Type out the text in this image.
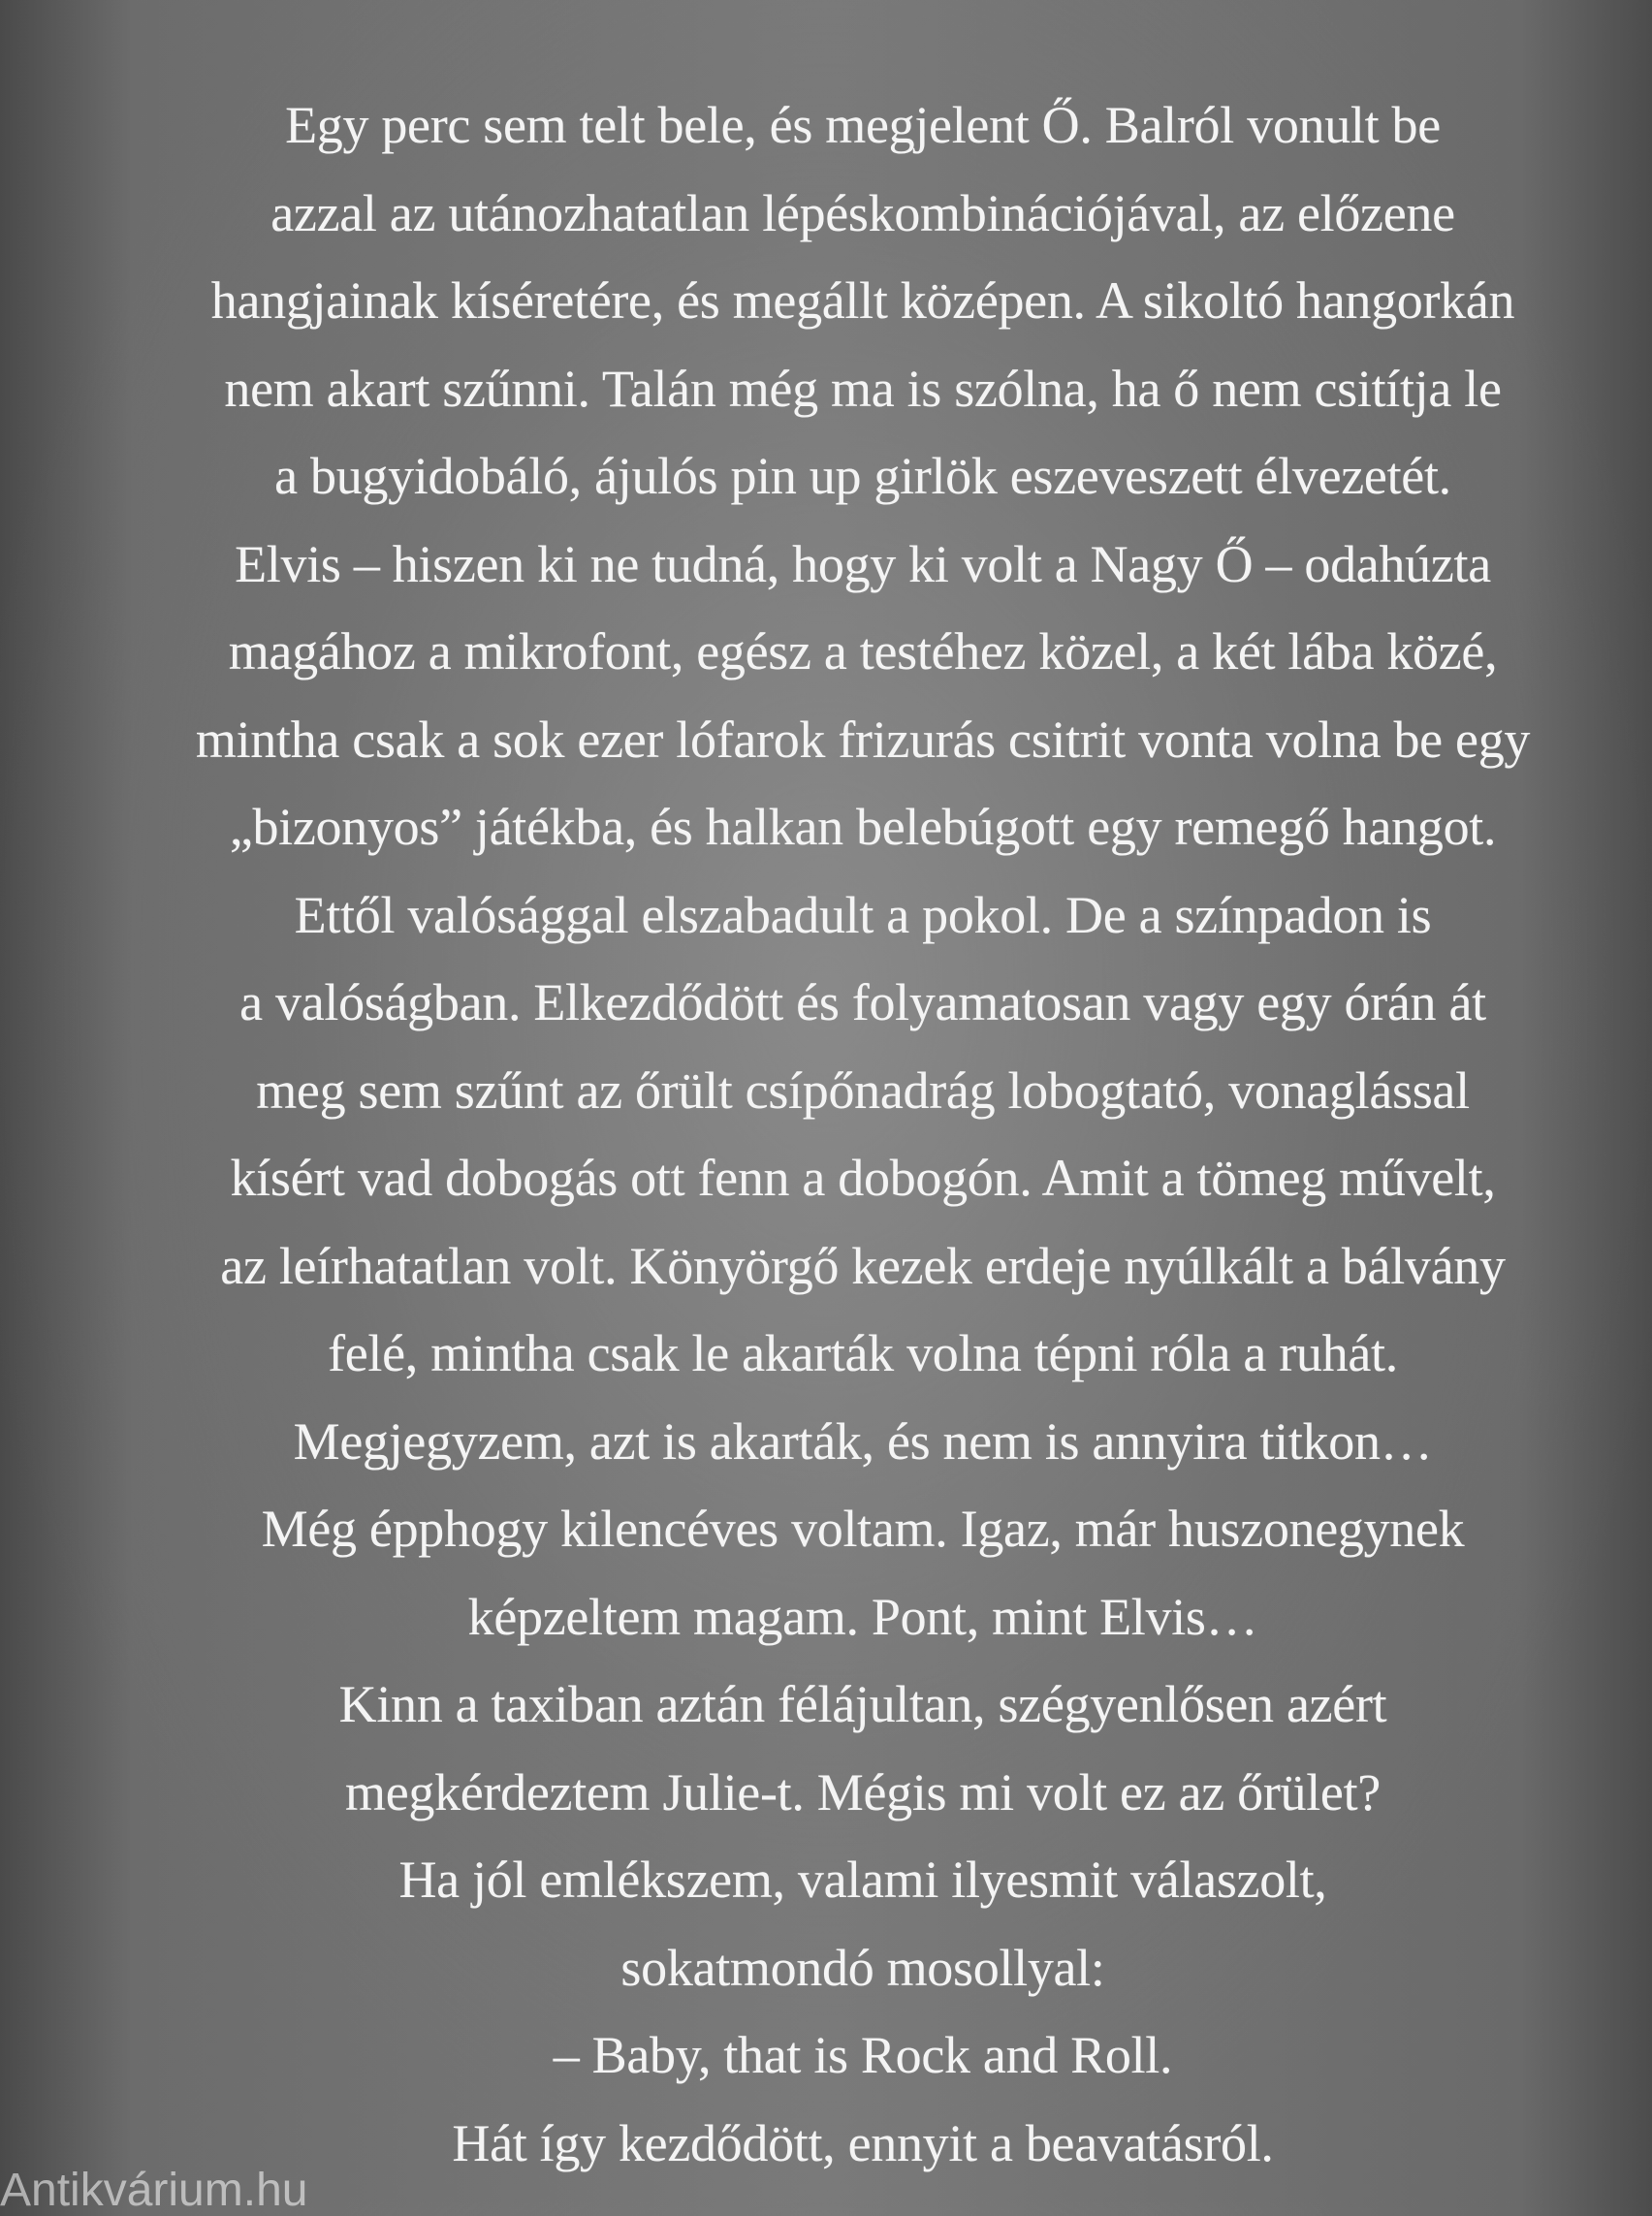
Egy perc sem telt bele, és megjelent Ő. Balról vonult be
azzal az utánozhatatlan lépéskombinációjával, az előzene
hangjainak kíséretére, és megállt középen. A sikoltó hangorkán
nem akart szűnni. Talán még ma is szólna, ha ő nem csitítja le
a bugyidobáló, ájulós pin up girlök eszeveszett élvezetét.
Elvis – hiszen ki ne tudná, hogy ki volt a Nagy Ő – odahúzta
magához a mikrofont, egész a testéhez közel, a két lába közé,
mintha csak a sok ezer lófarok frizurás csitrit vonta volna be egy
„bizonyos” játékba, és halkan belebúgott egy remegő hangot.
Ettől valósággal elszabadult a pokol. De a színpadon is
a valóságban. Elkezdődött és folyamatosan vagy egy órán át
meg sem szűnt az őrült csípőnadrág lobogtató, vonaglással
kísért vad dobogás ott fenn a dobogón. Amit a tömeg művelt,
az leírhatatlan volt. Könyörgő kezek erdeje nyúlkált a bálvány
felé, mintha csak le akarták volna tépni róla a ruhát.
Megjegyzem, azt is akarták, és nem is annyira titkon…
Még épphogy kilencéves voltam. Igaz, már huszonegynek
képzeltem magam. Pont, mint Elvis…
Kinn a taxiban aztán félájultan, szégyenlősen azért
megkérdeztem Julie-t. Mégis mi volt ez az őrület?
Ha jól emlékszem, valami ilyesmit válaszolt,
sokatmondó mosollyal:
– Baby, that is Rock and Roll.
Hát így kezdődött, ennyit a beavatásról.
Antikvárium.hu
